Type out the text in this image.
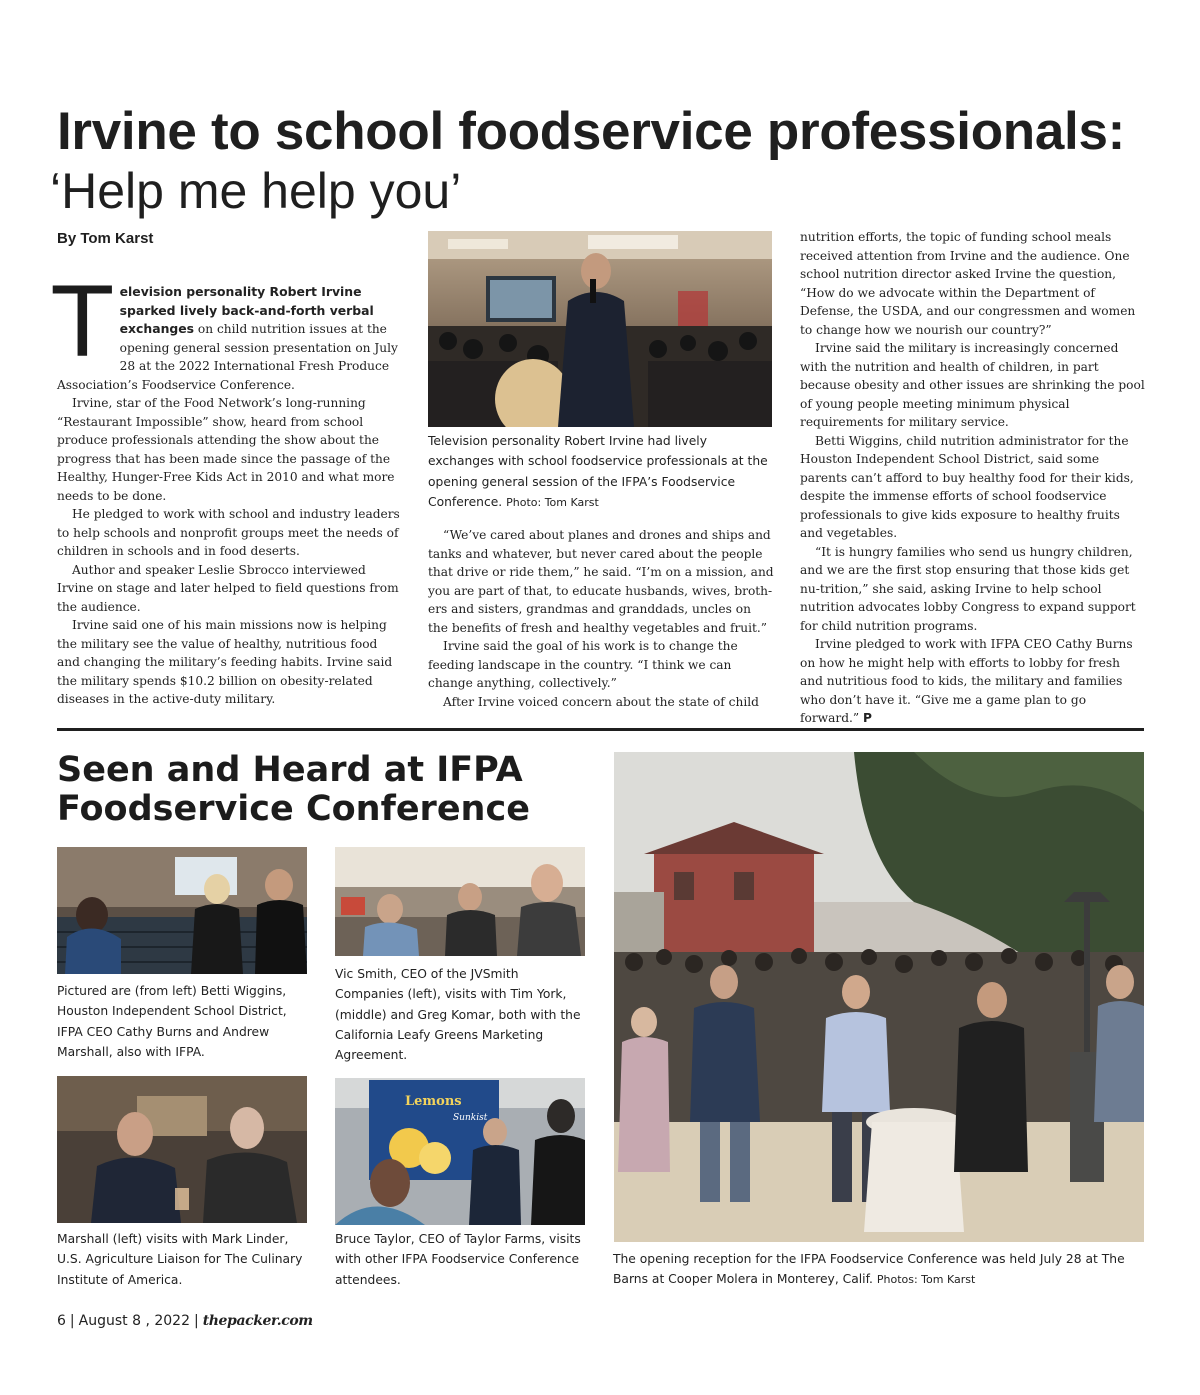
Irvine to school foodservice professionals:
‘Help me help you’
By Tom Karst

Television personality Robert Irvine sparked lively back-and-forth verbal exchanges on child nutrition issues at the opening general session presentation on July 28 at the 2022 International Fresh Produce Association’s Foodservice Conference.

Irvine, star of the Food Network’s long-running “Restaurant Impossible” show, heard from school produce professionals attending the show about the progress that has been made since the passage of the Healthy, Hunger-Free Kids Act in 2010 and what more needs to be done.

He pledged to work with school and industry leaders to help schools and nonprofit groups meet the needs of children in schools and in food deserts.

Author and speaker Leslie Sbrocco interviewed Irvine on stage and later helped to field questions from the audience.

Irvine said one of his main missions now is helping the military see the value of healthy, nutritious food and changing the military’s feeding habits. Irvine said the military spends $10.2 billion on obesity-related diseases in the active-duty military.

Television personality Robert Irvine had lively exchanges with school foodservice professionals at the opening general session of the IFPA’s Foodservice Conference. Photo: Tom Karst

“We’ve cared about planes and drones and ships and tanks and whatever, but never cared about the people that drive or ride them,” he said. “I’m on a mission, and you are part of that, to educate husbands, wives, broth-ers and sisters, grandmas and granddads, uncles on the benefits of fresh and healthy vegetables and fruit.”

Irvine said the goal of his work is to change the feeding landscape in the country. “I think we can change anything, collectively.”

After Irvine voiced concern about the state of child

nutrition efforts, the topic of funding school meals received attention from Irvine and the audience. One school nutrition director asked Irvine the question, “How do we advocate within the Department of Defense, the USDA, and our congressmen and women to change how we nourish our country?”

Irvine said the military is increasingly concerned with the nutrition and health of children, in part because obesity and other issues are shrinking the pool of young people meeting minimum physical requirements for military service.

Betti Wiggins, child nutrition administrator for the Houston Independent School District, said some parents can’t afford to buy healthy food for their kids, despite the immense efforts of school foodservice professionals to give kids exposure to healthy fruits and vegetables.

“It is hungry families who send us hungry children, and we are the first stop ensuring that those kids get nu-trition,” she said, asking Irvine to help school nutrition advocates lobby Congress to expand support for child nutrition programs.

Irvine pledged to work with IFPA CEO Cathy Burns on how he might help with efforts to lobby for fresh and nutritious food to kids, the military and families who don’t have it. “Give me a game plan to go forward.” P

Seen and Heard at IFPA
Foodservice Conference
Pictured are (from left) Betti Wiggins, Houston Independent School District, IFPA CEO Cathy Burns and Andrew Marshall, also with IFPA.
Vic Smith, CEO of the JVSmith Companies (left), visits with Tim York, (middle) and Greg Komar, both with the California Leafy Greens Marketing Agreement.
Marshall (left) visits with Mark Linder, U.S. Agriculture Liaison for The Culinary Institute of America.
Lemons
Sunkist
Bruce Taylor, CEO of Taylor Farms, visits with other IFPA Foodservice Conference attendees.
The opening reception for the IFPA Foodservice Conference was held July 28 at The Barns at Cooper Molera in Monterey, Calif. Photos: Tom Karst
6 | August 8 , 2022 | thepacker.com
